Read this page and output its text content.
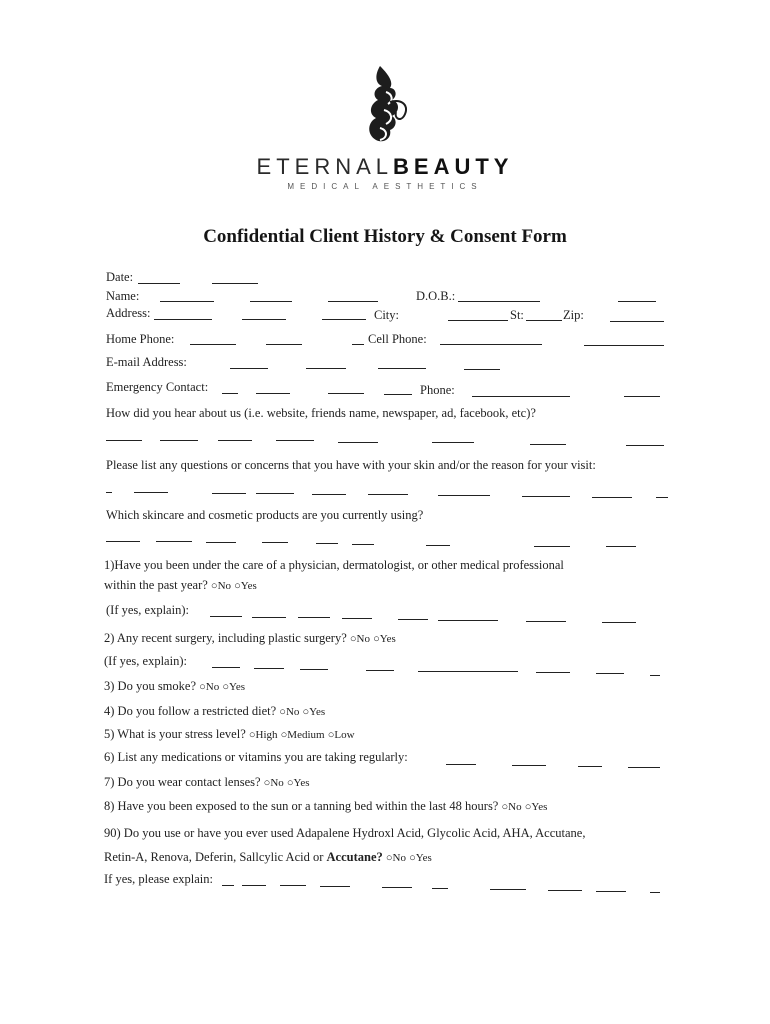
ETERNALBEAUTY
MEDICAL AESTHETICS
Confidential Client History & Consent Form
Date:
Name:	D.O.B.:
Address:	City:	St:	Zip:
Home Phone:	Cell Phone:
E-mail Address:
Emergency Contact:	Phone:
How did you hear about us (i.e. website, friends name, newspaper, ad, facebook, etc)?
Please list any questions or concerns that you have with your skin and/or the reason for your visit:
Which skincare and cosmetic products are you currently using?
1)Have you been under the care of a physician, dermatologist, or other medical professional
within the past year? ○No ○Yes
(If yes, explain):
2) Any recent surgery, including plastic surgery? ○No ○Yes
(If yes, explain):
3) Do you smoke? ○No ○Yes
4) Do you follow a restricted diet? ○No ○Yes
5) What is your stress level? ○High ○Medium ○Low
6) List any medications or vitamins you are taking regularly:
7) Do you wear contact lenses? ○No ○Yes
8) Have you been exposed to the sun or a tanning bed within the last 48 hours? ○No ○Yes
90) Do you use or have you ever used Adapalene Hydroxl Acid, Glycolic Acid, AHA, Accutane,
Retin-A, Renova, Deferin, Sallcylic Acid or Accutane? ○No ○Yes
If yes, please explain:
